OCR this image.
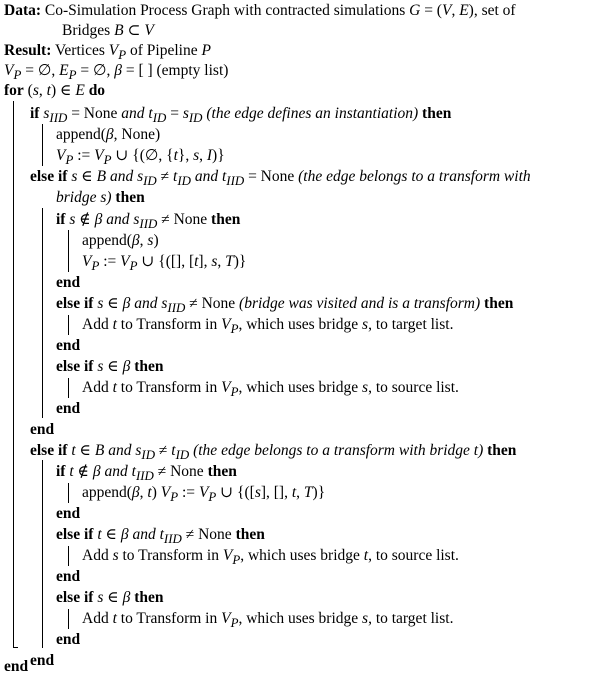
Data: Co-Simulation Process Graph with contracted simulations G = (V, E), set of
Bridges B ⊂ V
Result: Vertices $V_P$ of Pipeline P
$V_P$ = ∅, $E_P$ = ∅, β = [ ] (empty list)
for (s, t) ∈ E do
if $s_{IID}$ = None and $t_{ID} = s_{ID}$ (the edge defines an instantiation) then
append(β, None)
$V_P$ := $V_P$ ∪ {(∅, {t}, s, I)}
else if s ∈ B and $s_{ID} \ne t_{ID}$ and $t_{IID}$ = None (the edge belongs to a transform with
bridge s) then
if s ∉ β and $s_{IID}$ ≠ None then
append(β, s)
$V_P$ := $V_P$ ∪ {([], [t], s, T)}
end
else if s ∈ β and $s_{IID}$ ≠ None (bridge was visited and is a transform) then
Add t to Transform in $V_P$, which uses bridge s, to target list.
end
else if s ∈ β then
Add t to Transform in $V_P$, which uses bridge s, to source list.
end
end
else if t ∈ B and $s_{ID} \ne t_{ID}$ (the edge belongs to a transform with bridge t) then
if t ∉ β and $t_{IID}$ ≠ None then
append(β, t) $V_P$ := $V_P$ ∪ {([s], [], t, T)}
end
else if t ∈ β and $t_{IID}$ ≠ None then
Add s to Transform in $V_P$, which uses bridge t, to source list.
end
else if s ∈ β then
Add t to Transform in $V_P$, which uses bridge s, to target list.
end
end
end
